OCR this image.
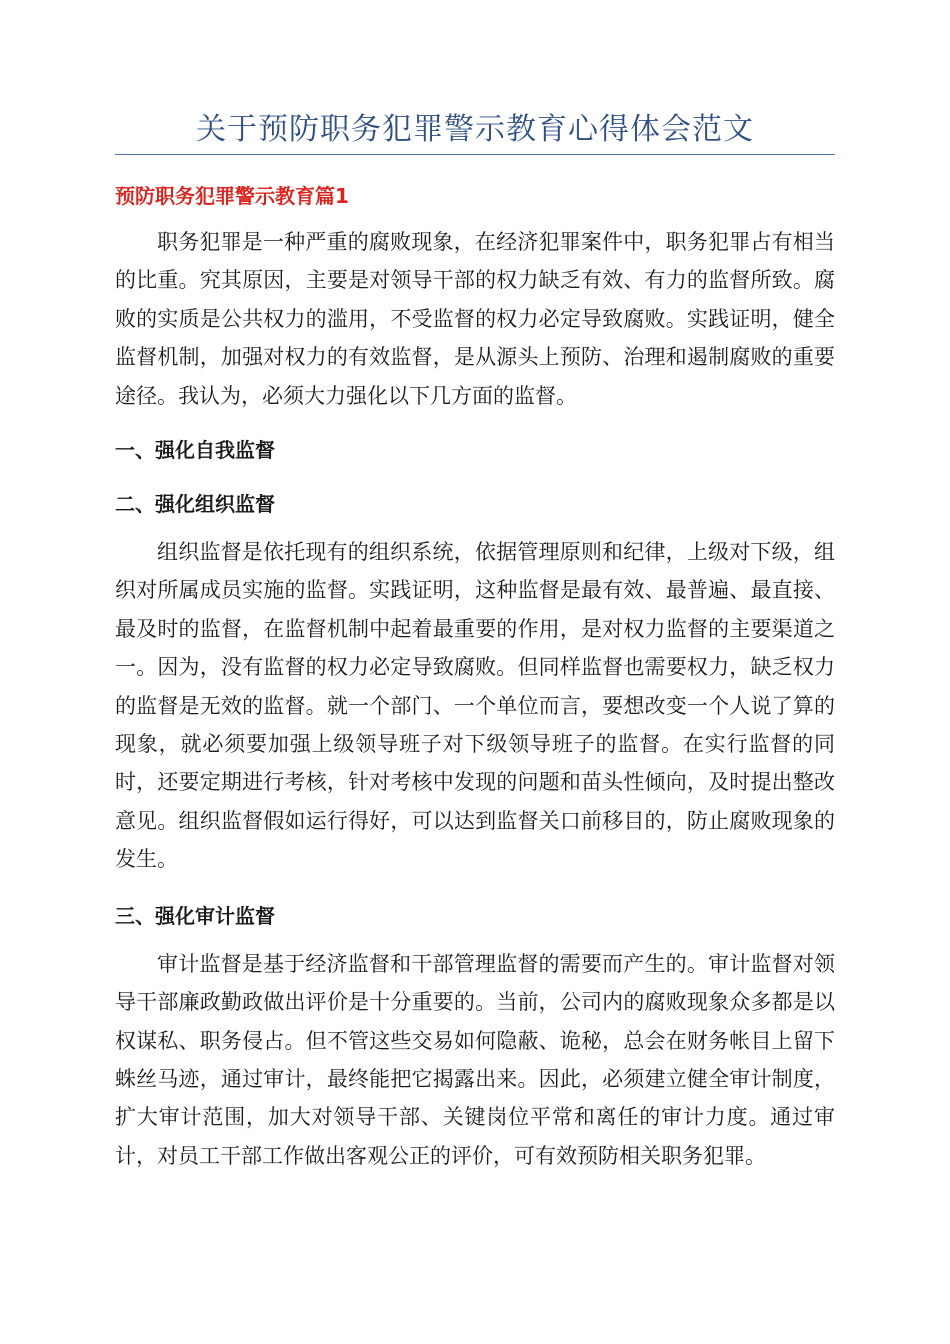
关于预防职务犯罪警示教育心得体会范文
预防职务犯罪警示教育篇1

职务犯罪是一种严重的腐败现象，在经济犯罪案件中，职务犯罪占有相当的比重。究其原因，主要是对领导干部的权力缺乏有效、有力的监督所致。腐败的实质是公共权力的滥用，不受监督的权力必定导致腐败。实践证明，健全监督机制，加强对权力的有效监督，是从源头上预防、治理和遏制腐败的重要途径。我认为，必须大力强化以下几方面的监督。

一、强化自我监督
二、强化组织监督

组织监督是依托现有的组织系统，依据管理原则和纪律，上级对下级，组织对所属成员实施的监督。实践证明，这种监督是最有效、最普遍、最直接、最及时的监督，在监督机制中起着最重要的作用，是对权力监督的主要渠道之一。因为，没有监督的权力必定导致腐败。但同样监督也需要权力，缺乏权力的监督是无效的监督。就一个部门、一个单位而言，要想改变一个人说了算的现象，就必须要加强上级领导班子对下级领导班子的监督。在实行监督的同时，还要定期进行考核，针对考核中发现的问题和苗头性倾向，及时提出整改意见。组织监督假如运行得好，可以达到监督关口前移目的，防止腐败现象的发生。

三、强化审计监督

审计监督是基于经济监督和干部管理监督的需要而产生的。审计监督对领导干部廉政勤政做出评价是十分重要的。当前，公司内的腐败现象众多都是以权谋私、职务侵占。但不管这些交易如何隐蔽、诡秘，总会在财务帐目上留下蛛丝马迹，通过审计，最终能把它揭露出来。因此，必须建立健全审计制度，扩大审计范围，加大对领导干部、关键岗位平常和离任的审计力度。通过审计，对员工干部工作做出客观公正的评价，可有效预防相关职务犯罪。
